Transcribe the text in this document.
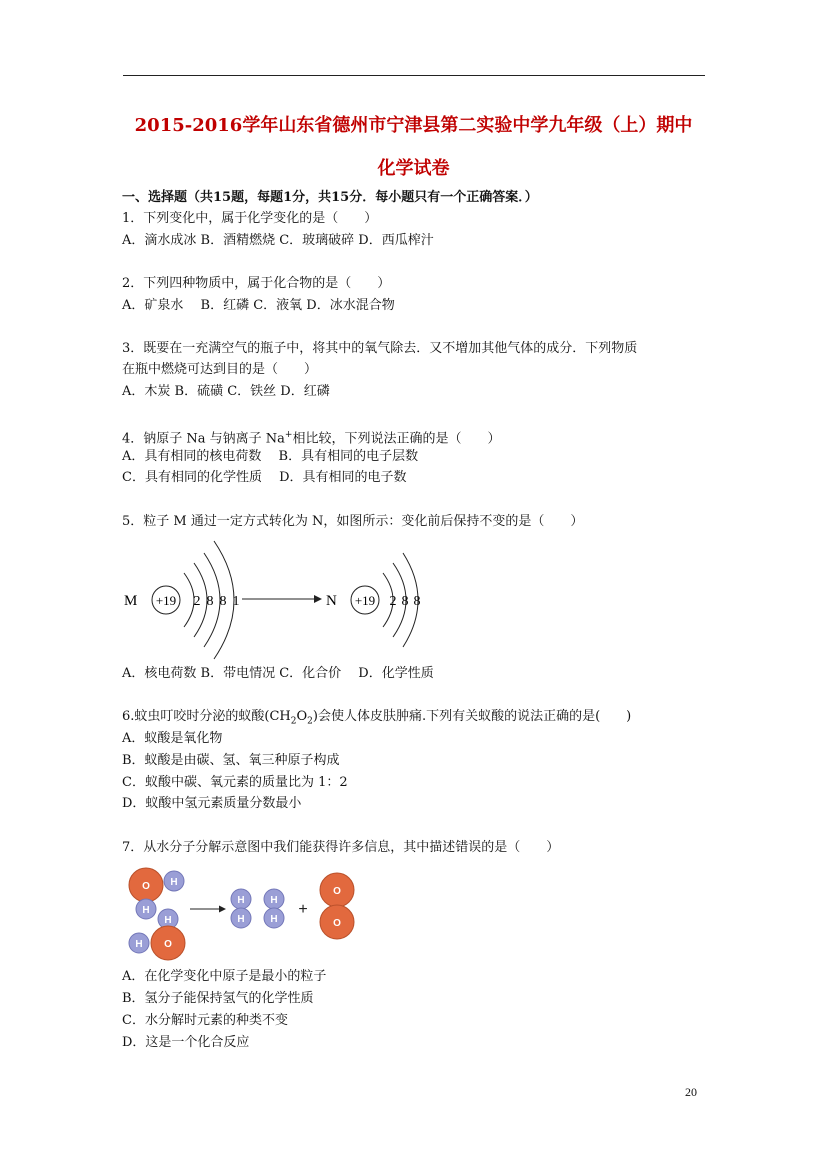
2015-2016学年山东省德州市宁津县第二实验中学九年级（上）期中
化学试卷
一、选择题（共15题，每题1分，共15分．每小题只有一个正确答案．）
1．下列变化中，属于化学变化的是（　　）
A．滴水成冰 B．酒精燃烧 C．玻璃破碎 D．西瓜榨汁
2．下列四种物质中，属于化合物的是（　　）
A．矿泉水　 B．红磷 C．液氧 D．冰水混合物
3．既要在一充满空气的瓶子中，将其中的氧气除去．又不增加其他气体的成分．下列物质
在瓶中燃烧可达到目的是（　　）
A．木炭 B．硫磺 C．铁丝 D．红磷
4．钠原子 Na 与钠离子 Na+相比较，下列说法正确的是（　　）
A．具有相同的核电荷数　 B．具有相同的电子层数
C．具有相同的化学性质　 D．具有相同的电子数
5．粒子 M 通过一定方式转化为 N，如图所示：变化前后保持不变的是（　　）
M +19 2 8 8 1	N +19 2 8 8
A．核电荷数 B．带电情况 C．化合价　 D．化学性质
6.蚊虫叮咬时分泌的蚁酸$(CH_2O_2)$会使人体皮肤肿痛.下列有关蚁酸的说法正确的是(　　)
A．蚁酸是氧化物
B．蚁酸是由碳、氢、氧三种原子构成
C．蚁酸中碳、氧元素的质量比为 1：2
D．蚁酸中氢元素质量分数最小
7．从水分子分解示意图中我们能获得许多信息，其中描述错误的是（　　）
O H
H
H
H O
H
H
H
H
+
O
O
A．在化学变化中原子是最小的粒子
B．氢分子能保持氢气的化学性质
C．水分解时元素的种类不变
D．这是一个化合反应
20
